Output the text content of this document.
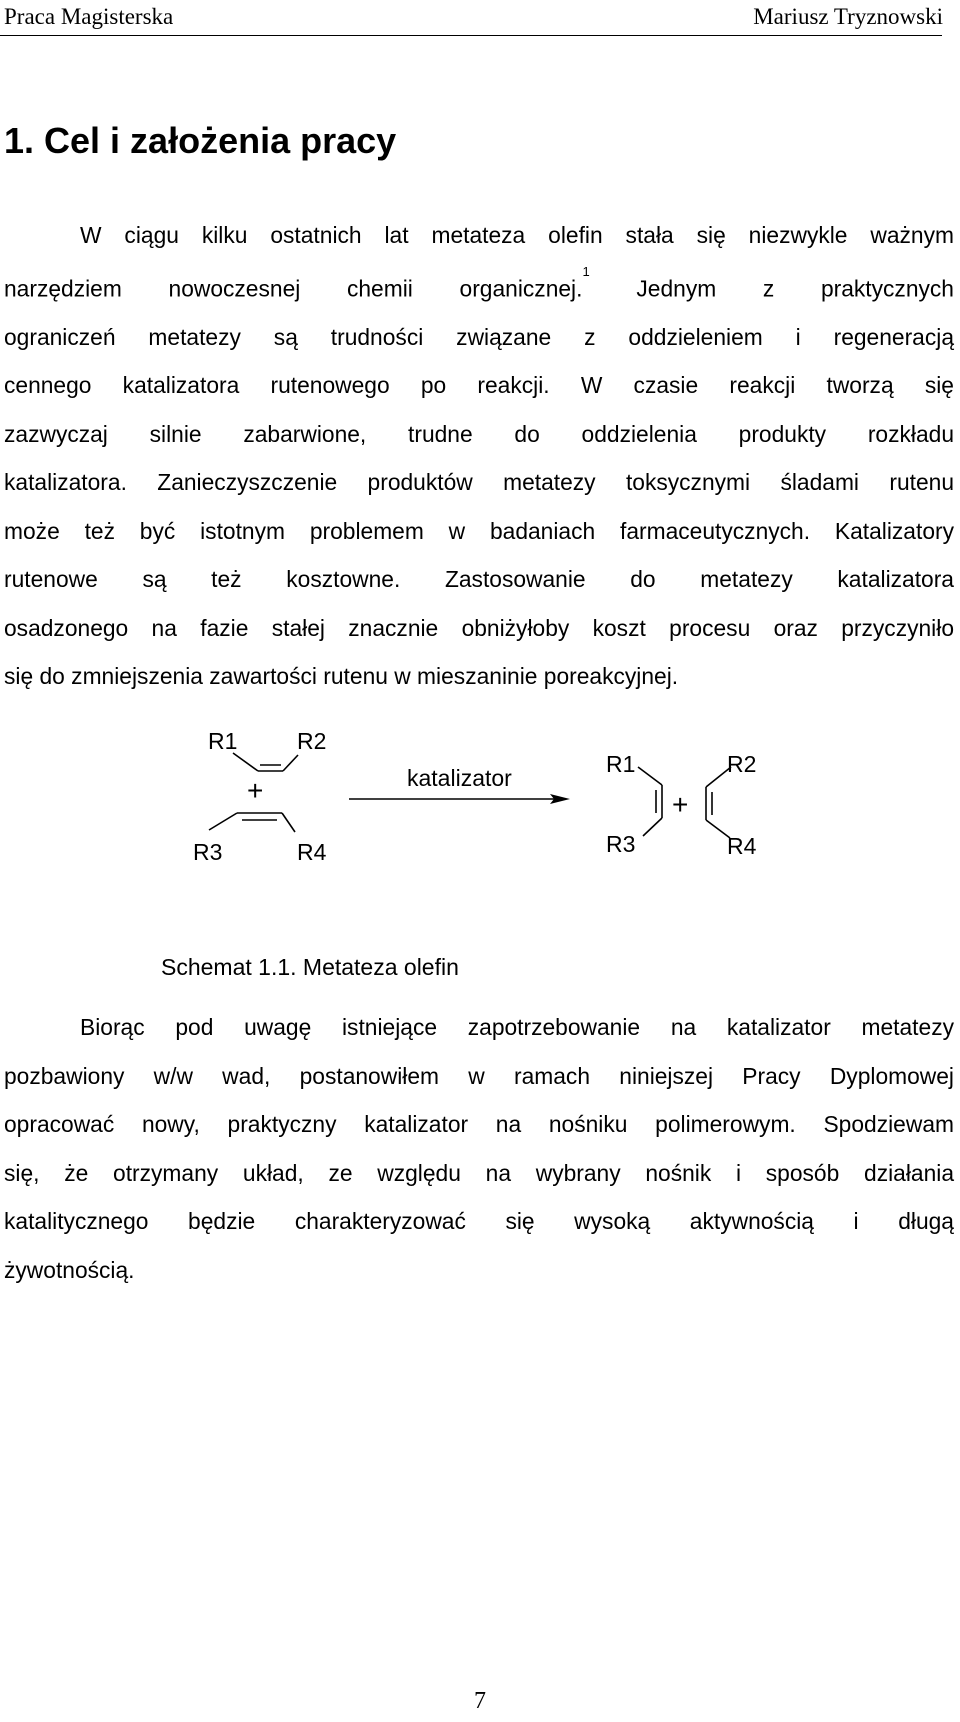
Praca Magisterska	Mariusz Tryznowski
1. Cel i założenia pracy
W ciągu kilku ostatnich lat metateza olefin stała się niezwykle ważnym
narzędziem nowoczesnej chemii organicznej.$^1$ Jednym z praktycznych
ograniczeń metatezy są trudności związane z oddzieleniem i regeneracją
cennego katalizatora rutenowego po reakcji. W czasie reakcji tworzą się
zazwyczaj silnie zabarwione, trudne do oddzielenia produkty rozkładu
katalizatora. Zanieczyszczenie produktów metatezy toksycznymi śladami rutenu
może też być istotnym problemem w badaniach farmaceutycznych. Katalizatory
rutenowe są też kosztowne. Zastosowanie do metatezy katalizatora
osadzonego na fazie stałej znacznie obniżyłoby koszt procesu oraz przyczyniło
się do zmniejszenia zawartości rutenu w mieszaninie poreakcyjnej.
R1	R2
+
R3	R4
katalizator
R1
R3
+
R2
R4

Schemat 1.1. Metateza olefin

Biorąc pod uwagę istniejące zapotrzebowanie na katalizator metatezy
pozbawiony w/w wad, postanowiłem w ramach niniejszej Pracy Dyplomowej
opracować nowy, praktyczny katalizator na nośniku polimerowym. Spodziewam
się, że otrzymany układ, ze względu na wybrany nośnik i sposób działania
katalitycznego będzie charakteryzować się wysoką aktywnością i długą
żywotnością.
7
